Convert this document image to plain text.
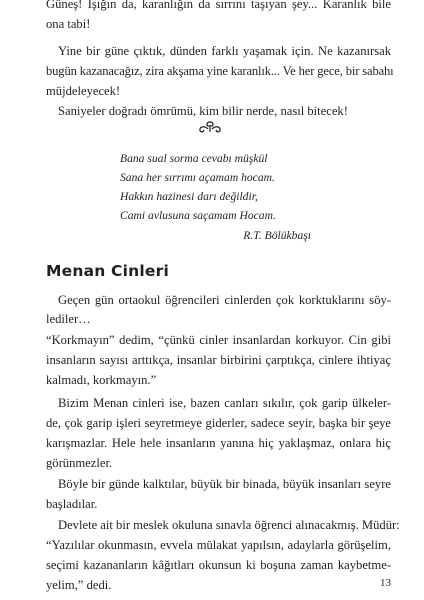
Güneş! Işığın da, karanlığın da sırrını taşıyan şey... Karanlık bile
ona tabi!
Yine bir güne çıktık, dünden farklı yaşamak için. Ne kazanırsak
bugün kazanacağız, zira akşama yine karanlık... Ve her gece, bir sabahı
müjdeleyecek!
Saniyeler doğradı ömrümü, kim bilir nerde, nasıl bitecek!
Bana sual sorma cevabı müşkül
Sana her sırrımı açamam hocam.
Hakkın hazinesi darı değildir,
Cami avlusuna saçamam Hocam.
R.T. Bölükbaşı
Menan Cinleri
Geçen gün ortaokul öğrencileri cinlerden çok korktuklarını söy-
lediler…
“Korkmayın” dedim, “çünkü cinler insanlardan korkuyor. Cin gibi
insanların sayısı arttıkça, insanlar birbirini çarptıkça, cinlere ihtiyaç
kalmadı, korkmayın.”
Bizim Menan cinleri ise, bazen canları sıkılır, çok garip ülkeler-
de, çok garip işleri seyretmeye giderler, sadece seyir, başka bir şeye
karışmazlar. Hele hele insanların yanına hiç yaklaşmaz, onlara hiç
görünmezler.
Böyle bir günde kalktılar, büyük bir binada, büyük insanları seyre
başladılar.
Devlete ait bir meslek okuluna sınavla öğrenci alınacakmış. Müdür:
“Yazılılar okunmasın, evvela mülakat yapılsın, adaylarla görüşelim,
seçimi kazananların kâğıtları okunsun ki boşuna zaman kaybetme-
yelim,” dedi.	13
